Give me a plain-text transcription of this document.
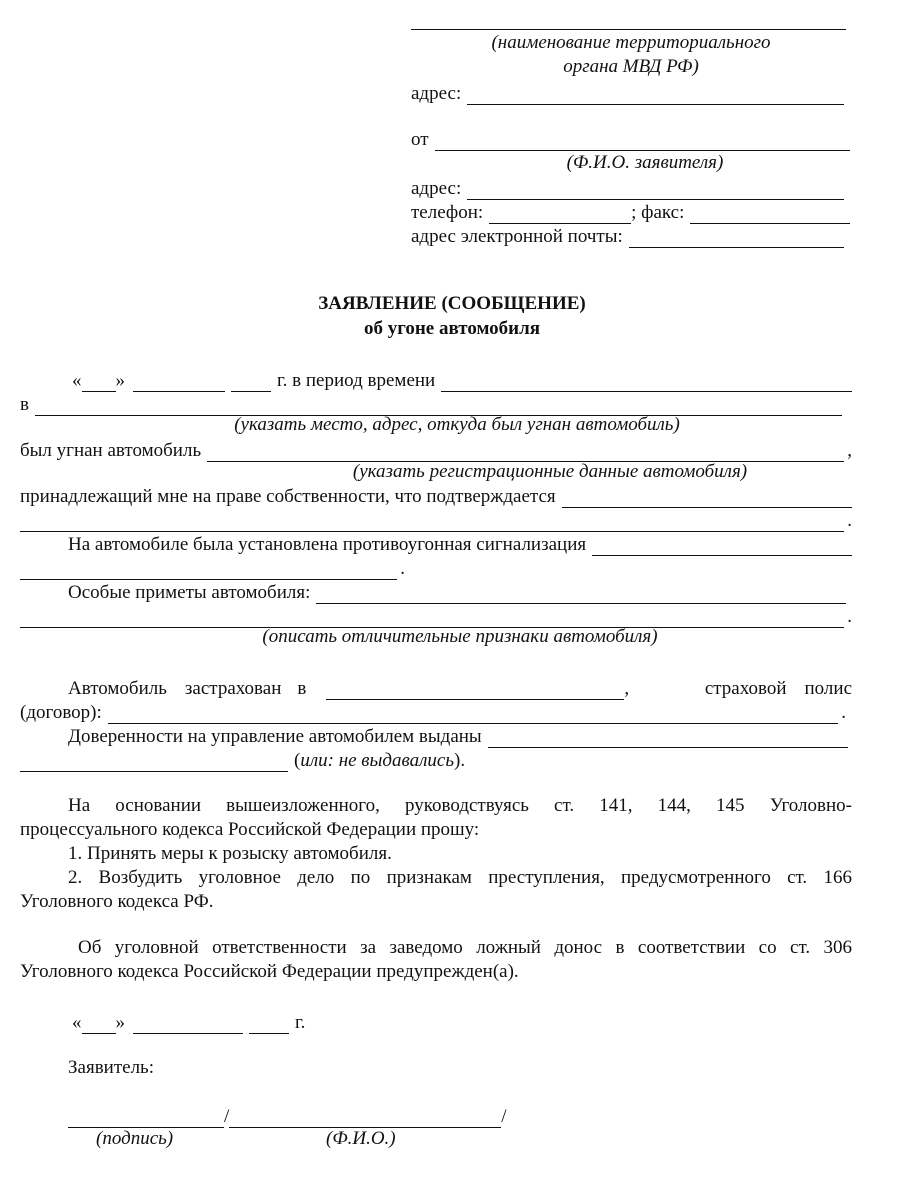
(наименование территориального
органа МВД РФ)
адрес:
от
(Ф.И.О. заявителя)
адрес:
телефон:	; факс:
адрес электронной почты:
ЗАЯВЛЕНИЕ (СООБЩЕНИЕ)
об угоне автомобиля
« »	г. в период времени
в
(указать место, адрес, откуда был угнан автомобиль)
был угнан автомобиль	,
(указать регистрационные данные автомобиля)
принадлежащий мне на праве собственности, что подтверждается
.
На автомобиле была установлена противоугонная сигнализация
.
Особые приметы автомобиля:
.
(описать отличительные признаки автомобиля)
Автомобиль застрахован в	,	страховой полис
(договор):	.
Доверенности на управление автомобилем выданы
( или: не выдавались ).
На основании вышеизложенного, руководствуясь ст. 141, 144, 145 Уголовно-
процессуального кодекса Российской Федерации прошу:
1. Принять меры к розыску автомобиля.
2. Возбудить уголовное дело по признакам преступления, предусмотренного ст. 166
Уголовного кодекса РФ.
Об уголовной ответственности за заведомо ложный донос в соответствии со ст. 306
Уголовного кодекса Российской Федерации предупрежден(а).
« »	г.
Заявитель:
/	/
(подпись)	(Ф.И.О.)
